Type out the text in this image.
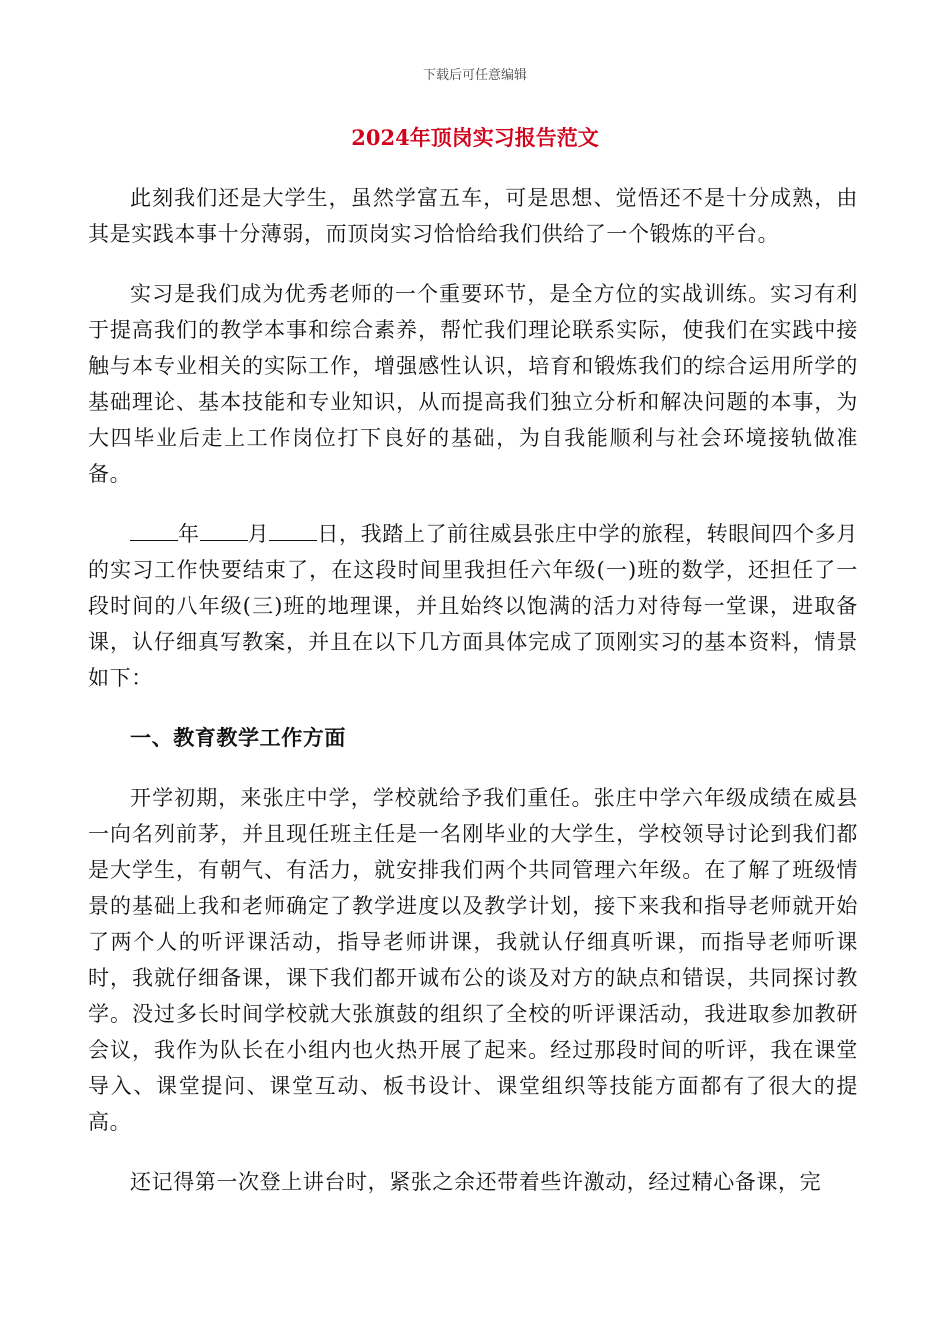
下载后可任意编辑
2024年顶岗实习报告范文

此刻我们还是大学生，虽然学富五车，可是思想、觉悟还不是十分成熟，由其是实践本事十分薄弱，而顶岗实习恰恰给我们供给了一个锻炼的平台。

实习是我们成为优秀老师的一个重要环节，是全方位的实战训练。实习有利于提高我们的教学本事和综合素养，帮忙我们理论联系实际，使我们在实践中接触与本专业相关的实际工作，增强感性认识，培育和锻炼我们的综合运用所学的基础理论、基本技能和专业知识，从而提高我们独立分析和解决问题的本事，为大四毕业后走上工作岗位打下良好的基础，为自我能顺利与社会环境接轨做准备。

年 月 日，我踏上了前往威县张庄中学的旅程，转眼间四个多月的实习工作快要结束了，在这段时间里我担任六年级(一)班的数学，还担任了一段时间的八年级(三)班的地理课，并且始终以饱满的活力对待每一堂课，进取备课，认仔细真写教案，并且在以下几方面具体完成了顶刚实习的基本资料，情景如下：

一、教育教学工作方面

开学初期，来张庄中学，学校就给予我们重任。张庄中学六年级成绩在威县一向名列前茅，并且现任班主任是一名刚毕业的大学生，学校领导讨论到我们都是大学生，有朝气、有活力，就安排我们两个共同管理六年级。在了解了班级情景的基础上我和老师确定了教学进度以及教学计划，接下来我和指导老师就开始了两个人的听评课活动，指导老师讲课，我就认仔细真听课，而指导老师听课时，我就仔细备课，课下我们都开诚布公的谈及对方的缺点和错误，共同探讨教学。没过多长时间学校就大张旗鼓的组织了全校的听评课活动，我进取参加教研会议，我作为队长在小组内也火热开展了起来。经过那段时间的听评，我在课堂导入、课堂提问、课堂互动、板书设计、课堂组织等技能方面都有了很大的提高。

还记得第一次登上讲台时，紧张之余还带着些许激动，经过精心备课，完
